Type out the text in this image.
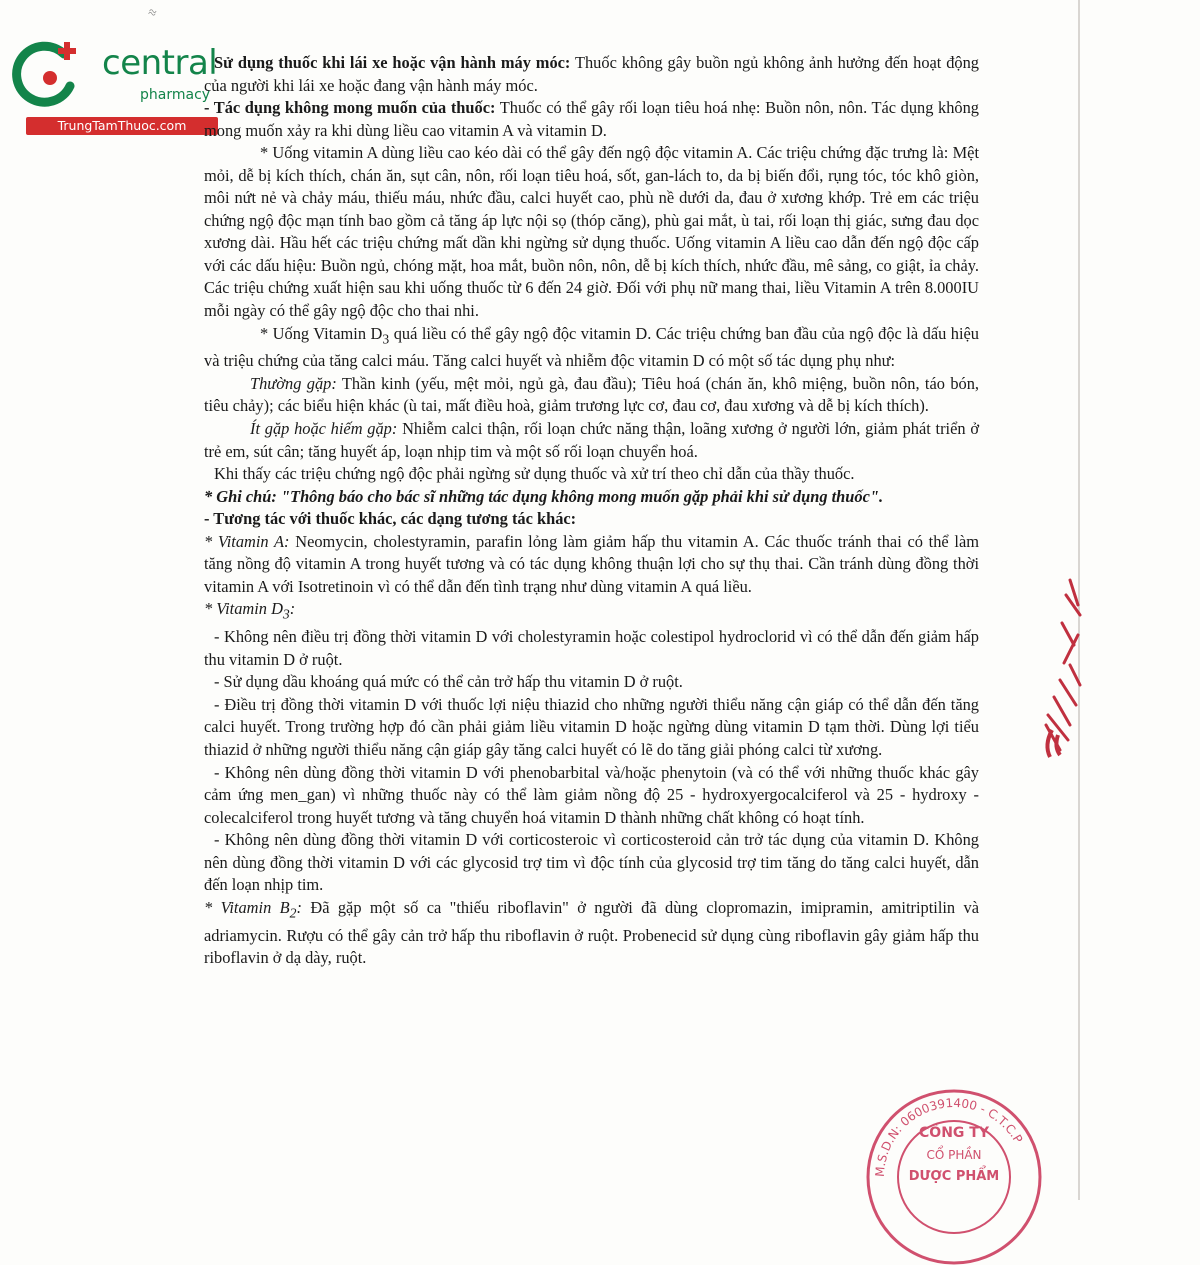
≈
central
pharmacy
TrungTamThuoc.com

Sử dụng thuốc khi lái xe hoặc vận hành máy móc: Thuốc không gây buồn ngủ không ảnh hưởng đến hoạt động của người khi lái xe hoặc đang vận hành máy móc.

- Tác dụng không mong muốn của thuốc: Thuốc có thể gây rối loạn tiêu hoá nhẹ: Buồn nôn, nôn. Tác dụng không mong muốn xảy ra khi dùng liều cao vitamin A và vitamin D.

* Uống vitamin A dùng liều cao kéo dài có thể gây đến ngộ độc vitamin A. Các triệu chứng đặc trưng là: Mệt mỏi, dễ bị kích thích, chán ăn, sụt cân, nôn, rối loạn tiêu hoá, sốt, gan-lách to, da bị biến đổi, rụng tóc, tóc khô giòn, môi nứt nẻ và chảy máu, thiếu máu, nhức đầu, calci huyết cao, phù nề dưới da, đau ở xương khớp. Trẻ em các triệu chứng ngộ độc mạn tính bao gồm cả tăng áp lực nội sọ (thóp căng), phù gai mắt, ù tai, rối loạn thị giác, sưng đau dọc xương dài. Hầu hết các triệu chứng mất dần khi ngừng sử dụng thuốc. Uống vitamin A liều cao dẫn đến ngộ độc cấp với các dấu hiệu: Buồn ngủ, chóng mặt, hoa mắt, buồn nôn, nôn, dễ bị kích thích, nhức đầu, mê sảng, co giật, ỉa chảy. Các triệu chứng xuất hiện sau khi uống thuốc từ 6 đến 24 giờ. Đối với phụ nữ mang thai, liều Vitamin A trên 8.000IU mỗi ngày có thể gây ngộ độc cho thai nhi.

* Uống Vitamin $D_3$ quá liều có thể gây ngộ độc vitamin D. Các triệu chứng ban đầu của ngộ độc là dấu hiệu và triệu chứng của tăng calci máu. Tăng calci huyết và nhiễm độc vitamin D có một số tác dụng phụ như:

Thường gặp: Thần kinh (yếu, mệt mỏi, ngủ gà, đau đầu); Tiêu hoá (chán ăn, khô miệng, buồn nôn, táo bón, tiêu chảy); các biểu hiện khác (ù tai, mất điều hoà, giảm trương lực cơ, đau cơ, đau xương và dễ bị kích thích).

Ít gặp hoặc hiếm gặp: Nhiễm calci thận, rối loạn chức năng thận, loãng xương ở người lớn, giảm phát triển ở trẻ em, sút cân; tăng huyết áp, loạn nhịp tim và một số rối loạn chuyển hoá.

Khi thấy các triệu chứng ngộ độc phải ngừng sử dụng thuốc và xử trí theo chỉ dẫn của thầy thuốc.

* Ghi chú: "Thông báo cho bác sĩ những tác dụng không mong muốn gặp phải khi sử dụng thuốc".

- Tương tác với thuốc khác, các dạng tương tác khác:

* Vitamin A: Neomycin, cholestyramin, parafin lỏng làm giảm hấp thu vitamin A. Các thuốc tránh thai có thể làm tăng nồng độ vitamin A trong huyết tương và có tác dụng không thuận lợi cho sự thụ thai. Cần tránh dùng đồng thời vitamin A với Isotretinoin vì có thể dẫn đến tình trạng như dùng vitamin A quá liều.

* Vitamin $D_3$:

- Không nên điều trị đồng thời vitamin D với cholestyramin hoặc colestipol hydroclorid vì có thể dẫn đến giảm hấp thu vitamin D ở ruột.

- Sử dụng dầu khoáng quá mức có thể cản trở hấp thu vitamin D ở ruột.

- Điều trị đồng thời vitamin D với thuốc lợi niệu thiazid cho những người thiểu năng cận giáp có thể dẫn đến tăng calci huyết. Trong trường hợp đó cần phải giảm liều vitamin D hoặc ngừng dùng vitamin D tạm thời. Dùng lợi tiểu thiazid ở những người thiểu năng cận giáp gây tăng calci huyết có lẽ do tăng giải phóng calci từ xương.

- Không nên dùng đồng thời vitamin D với phenobarbital và/hoặc phenytoin (và có thể với những thuốc khác gây cảm ứng men_gan) vì những thuốc này có thể làm giảm nồng độ 25 - hydroxyergocalciferol và 25 - hydroxy - colecalciferol trong huyết tương và tăng chuyển hoá vitamin D thành những chất không có hoạt tính.

- Không nên dùng đồng thời vitamin D với corticosteroic vì corticosteroid cản trở tác dụng của vitamin D. Không nên dùng đồng thời vitamin D với các glycosid trợ tim vì độc tính của glycosid trợ tim tăng do tăng calci huyết, dẫn đến loạn nhịp tim.

* Vitamin $B_2$: Đã gặp một số ca "thiếu riboflavin" ở người đã dùng clopromazin, imipramin, amitriptilin và adriamycin. Rượu có thể gây cản trở hấp thu riboflavin ở ruột. Probenecid sử dụng cùng riboflavin gây giảm hấp thu riboflavin ở dạ dày, ruột.

M.S.D.N: 0600391400 - C.T.C.P
CÔNG TY
CỔ PHẦN
DƯỢC PHẨM
